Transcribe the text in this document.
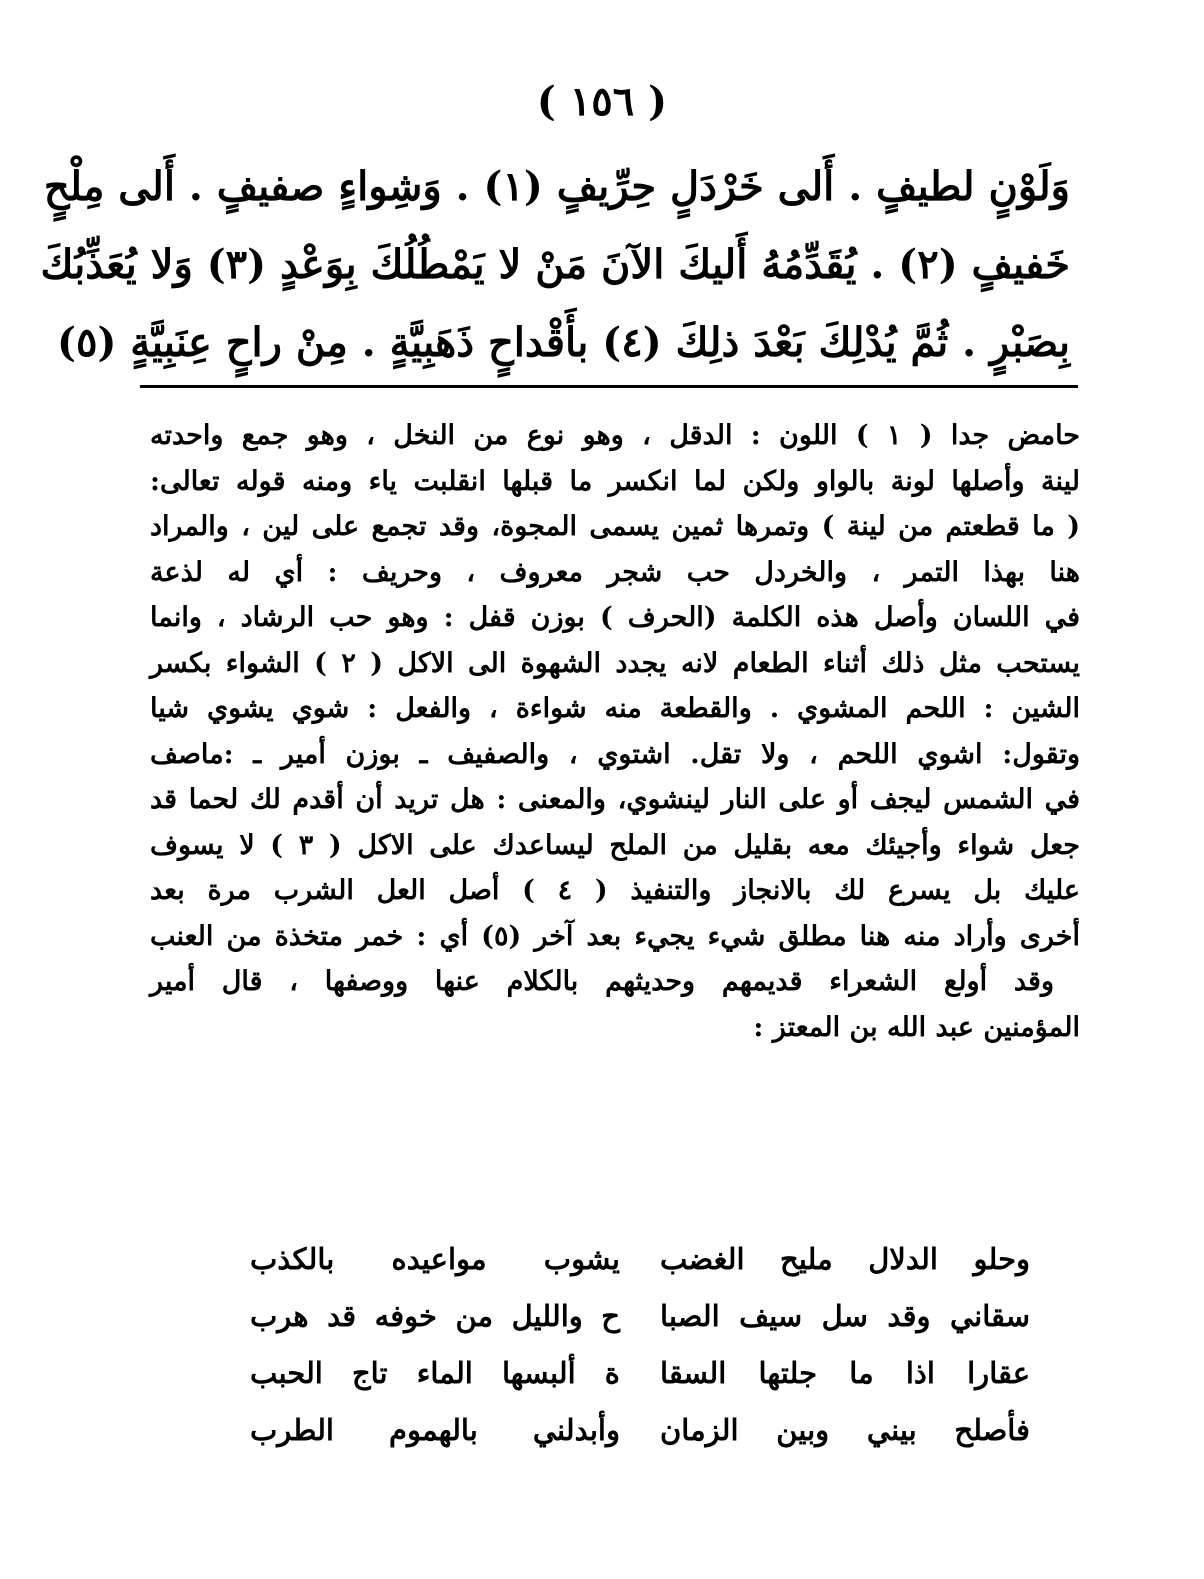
( ١٥٦ )
وَلَوْنٍ لطيفٍ . أَلى خَرْدَلٍ حِرِّيفٍ (١) . وَشِواءٍ صفيفٍ . أَلى مِلْحٍ
خَفيفٍ (٢) . يُقَدِّمُهُ أَليكَ الآنَ مَنْ لا يَمْطُلُكَ بِوَعْدٍ (٣) وَلا يُعَذِّبُكَ
بِصَبْرٍ . ثُمَّ يُدْلِكَ بَعْدَ ذلِكَ (٤) بأَقْداحٍ ذَهَبِيَّةٍ . مِنْ راحٍ عِنَبِيَّةٍ (٥)
حامض جدا ( ١ ) اللون : الدقل ، وهو نوع من النخل ، وهو جمع واحدته
لينة وأصلها لونة بالواو ولكن لما انكسر ما قبلها انقلبت ياء ومنه قوله تعالى:
( ما قطعتم من لينة ) وتمرها ثمين يسمى المجوة، وقد تجمع على لين ، والمراد
هنا بهذا التمر ، والخردل حب شجر معروف ، وحريف : أي له لذعة
في اللسان وأصل هذه الكلمة (الحرف ) بوزن قفل : وهو حب الرشاد ، وانما
يستحب مثل ذلك أثناء الطعام لانه يجدد الشهوة الى الاكل ( ٢ ) الشواء بكسر
الشين : اللحم المشوي . والقطعة منه شواءة ، والفعل : شوي يشوي شيا
وتقول: اشوي اللحم ، ولا تقل. اشتوي ، والصفيف ـ بوزن أمير ـ :ماصف
في الشمس ليجف أو على النار لينشوي، والمعنى : هل تريد أن أقدم لك لحما قد
جعل شواء وأجيئك معه بقليل من الملح ليساعدك على الاكل ( ٣ ) لا يسوف
عليك بل يسرع لك بالانجاز والتنفيذ ( ٤ ) أصل العل الشرب مرة بعد
أخرى وأراد منه هنا مطلق شيء يجيء بعد آخر (٥) أي : خمر متخذة من العنب
وقد أولع الشعراء قديمهم وحديثهم بالكلام عنها ووصفها ، قال أمير
المؤمنين عبد الله بن المعتز :
وحلو الدلال مليح الغضب
يشوب مواعيده بالكذب
سقاني وقد سل سيف الصبا
ح والليل من خوفه قد هرب
عقارا اذا ما جلتها السقا
ة ألبسها الماء تاج الحبب
فأصلح بيني وبين الزمان
وأبدلني بالهموم الطرب
